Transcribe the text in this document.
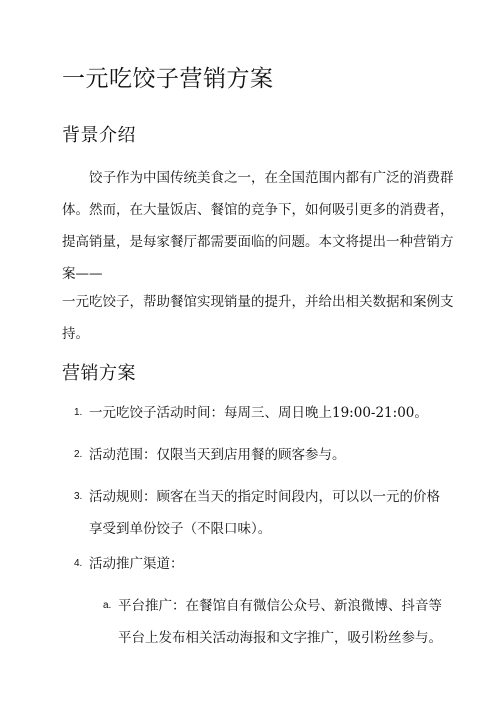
一元吃饺子营销方案
背景介绍

饺子作为中国传统美食之一，在全国范围内都有广泛的消费群
体。然而，在大量饭店、餐馆的竞争下，如何吸引更多的消费者，
提高销量，是每家餐厅都需要面临的问题。本文将提出一种营销方
案——

一元吃饺子，帮助餐馆实现销量的提升，并给出相关数据和案例支
持。

营销方案
1. 一元吃饺子活动时间：每周三、周日晚上19:00-21:00。
2. 活动范围：仅限当天到店用餐的顾客参与。
3. 活动规则：顾客在当天的指定时间段内，可以以一元的价格
享受到单份饺子（不限口味）。
4. 活动推广渠道：
a. 平台推广：在餐馆自有微信公众号、新浪微博、抖音等
平台上发布相关活动海报和文字推广，吸引粉丝参与。
